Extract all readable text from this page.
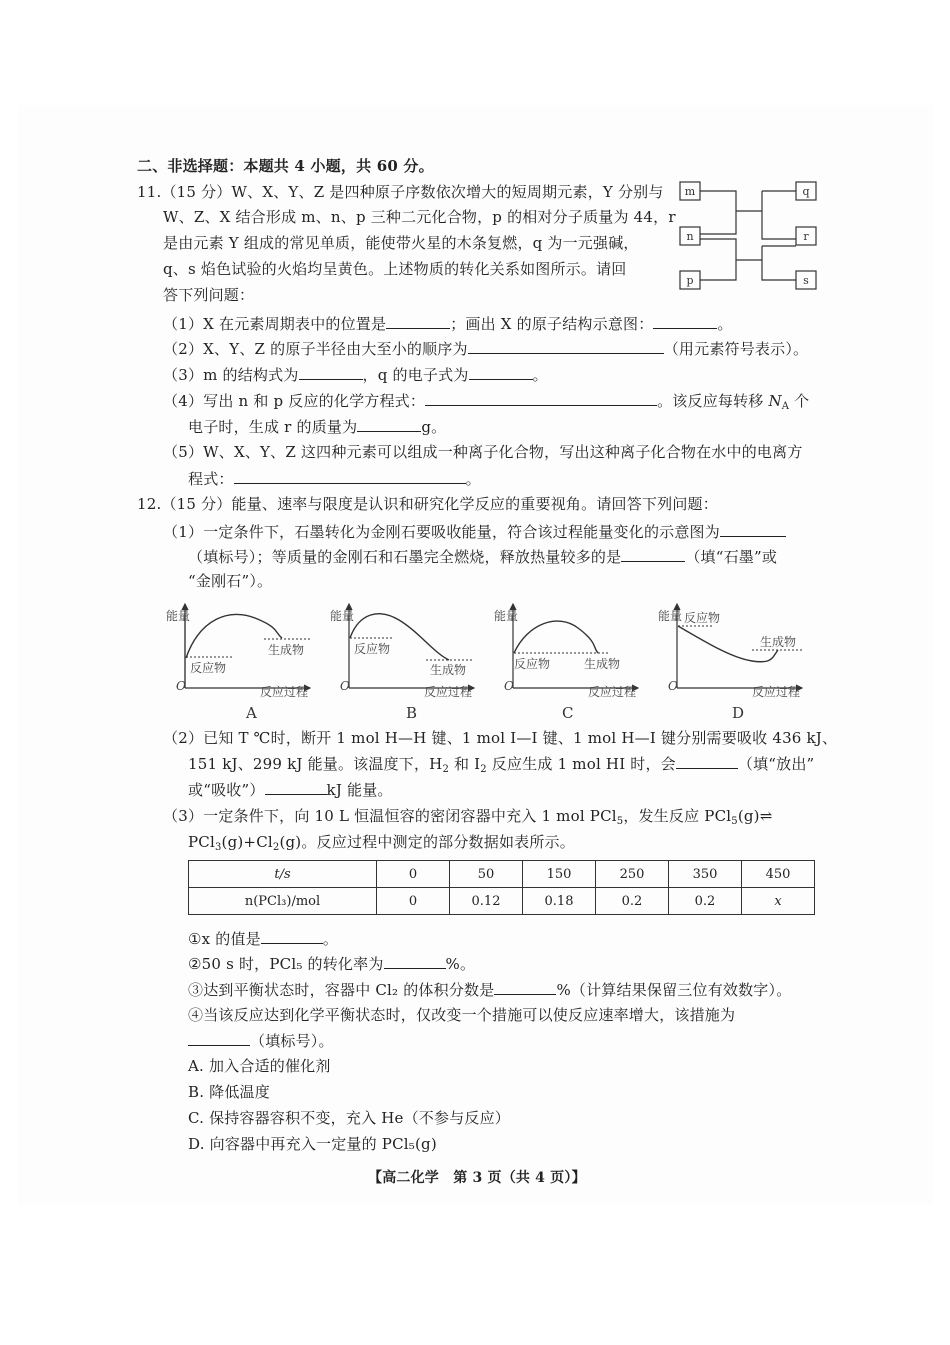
二、非选择题：本题共 4 小题，共 60 分。
11.（15 分）W、X、Y、Z 是四种原子序数依次增大的短周期元素，Y 分别与
W、Z、X 结合形成 m、n、p 三种二元化合物，p 的相对分子质量为 44，r
是由元素 Y 组成的常见单质，能使带火星的木条复燃，q 为一元强碱，
q、s 焰色试验的火焰均呈黄色。上述物质的转化关系如图所示。请回
答下列问题：
m
n
p
q
r
s
（1）X 在元素周期表中的位置是	；画出 X 的原子结构示意图：	。
（2）X、Y、Z 的原子半径由大至小的顺序为	（用元素符号表示）。
（3）m 的结构式为	，q 的电子式为	。
（4）写出 n 和 p 反应的化学方程式：	。该反应每转移 $N_A$ 个
电子时，生成 r 的质量为	g。
（5）W、X、Y、Z 这四种元素可以组成一种离子化合物，写出这种离子化合物在水中的电离方
程式：	。
12.（15 分）能量、速率与限度是认识和研究化学反应的重要视角。请回答下列问题：
（1）一定条件下，石墨转化为金刚石要吸收能量，符合该过程能量变化的示意图为
（填标号）；等质量的金刚石和石墨完全燃烧，释放热量较多的是	（填“石墨”或
“金刚石”）。
能量
反应物
生成物
O	反应过程
A
能量
反应物
生成物
O	反应过程
B
能量
反应物	生成物
O	反应过程
C
能量 反应物
生成物
O	反应过程
D
（2）已知 T ℃时，断开 1 mol H—H 键、1 mol I—I 键、1 mol H—I 键分别需要吸收 436 kJ、
151 kJ、299 kJ 能量。该温度下，$H_2$ 和 $I_2$ 反应生成 1 mol HI 时，会	（填“放出”
或“吸收”）	kJ 能量。
（3）一定条件下，向 10 L 恒温恒容的密闭容器中充入 1 mol PCl$_5$，发生反应 PCl$_5$(g)⇌
$PCl_3(g)+Cl_2(g)$。反应过程中测定的部分数据如表所示。
t/s	0	50	150	250	350	450
n(PCl₃)/mol	0	0.12	0.18	0.2	0.2	x
①x 的值是	。
②50 s 时，PCl₅ 的转化率为	%。
③达到平衡状态时，容器中 Cl₂ 的体积分数是	%（计算结果保留三位有效数字）。
④当该反应达到化学平衡状态时，仅改变一个措施可以使反应速率增大，该措施为
（填标号）。
A. 加入合适的催化剂
B. 降低温度
C. 保持容器容积不变，充入 He（不参与反应）
D. 向容器中再充入一定量的 PCl₅(g)
【高二化学　第 3 页（共 4 页）】
